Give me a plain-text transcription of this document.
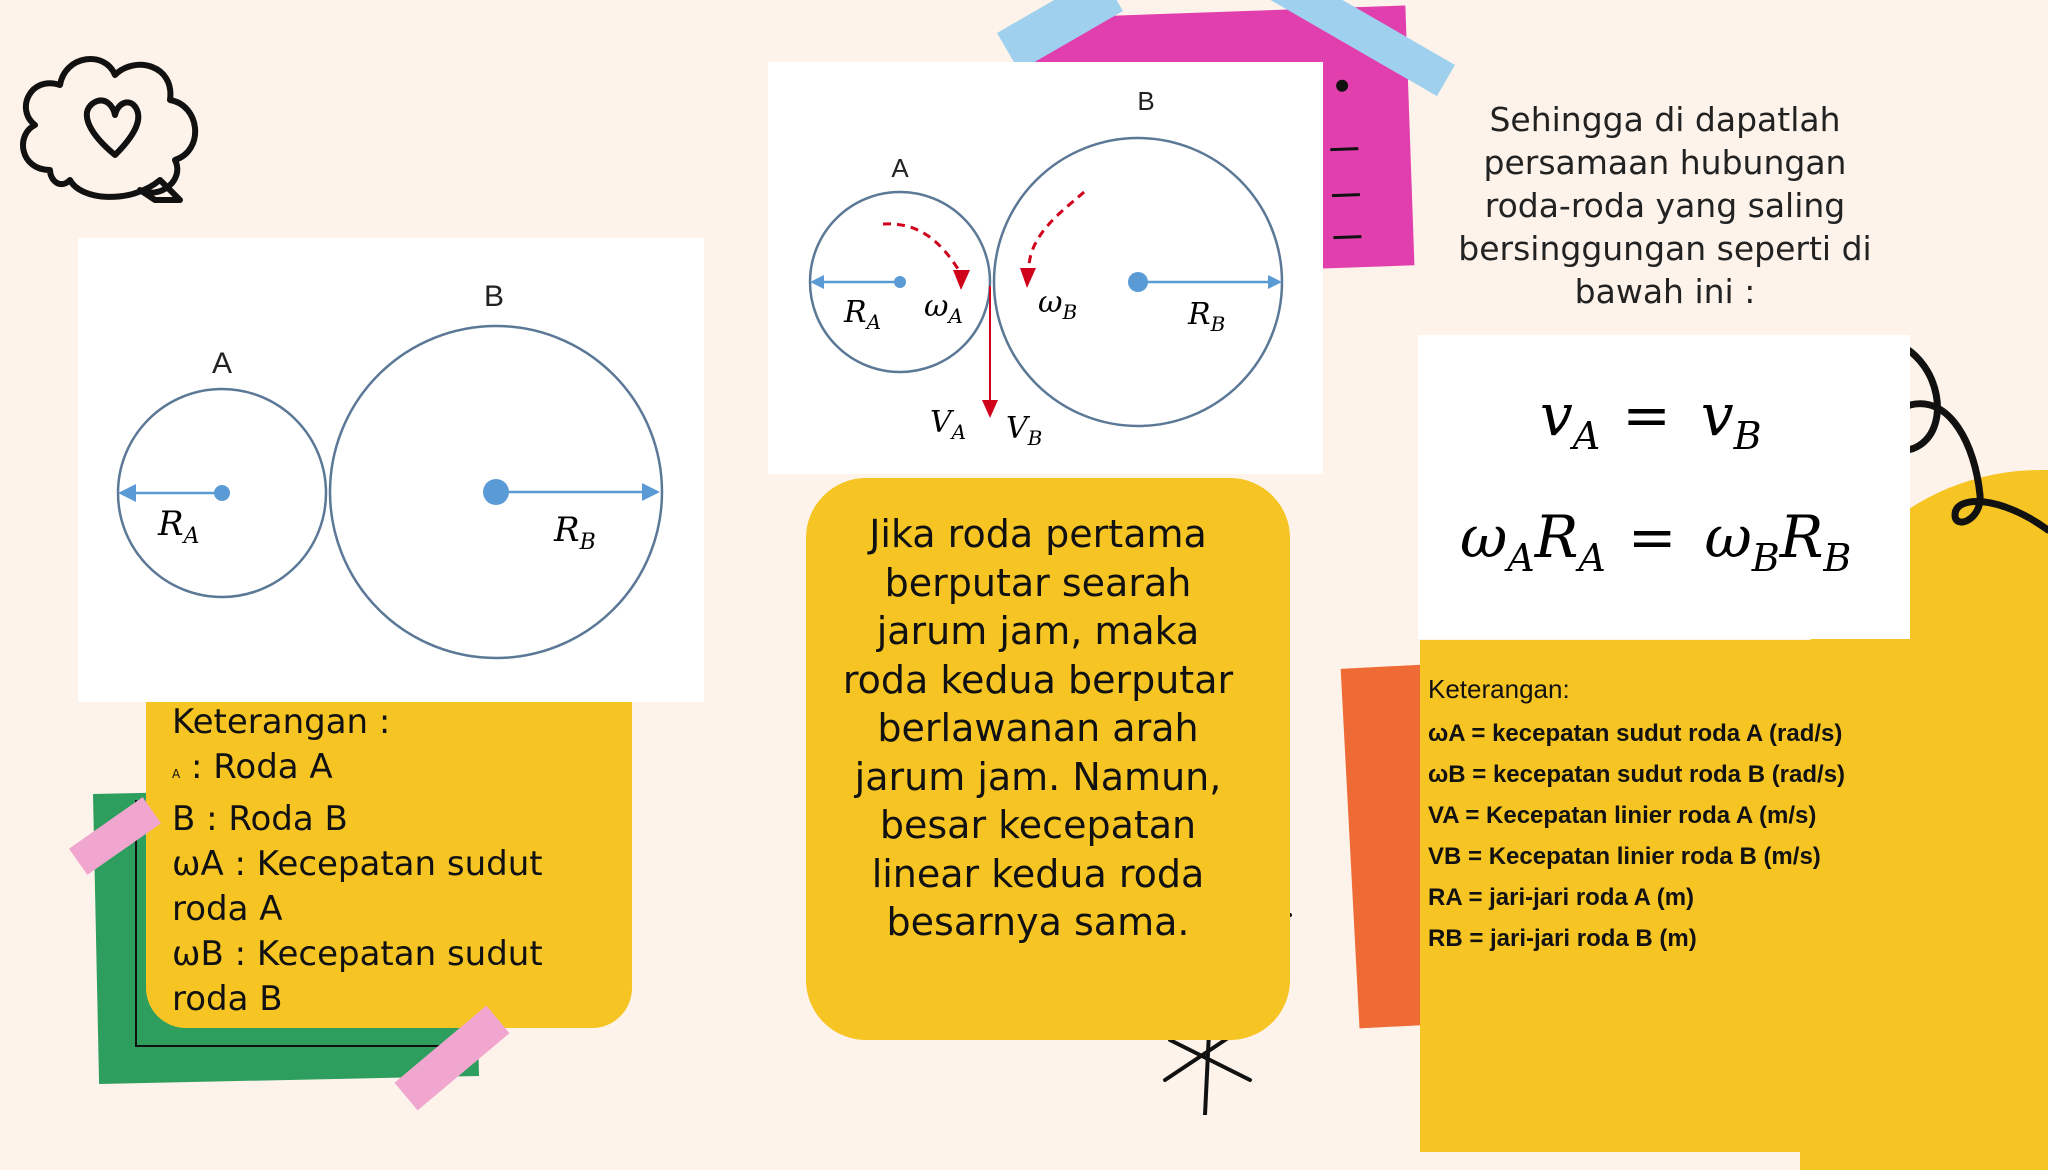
A
B
$R_A$	$R_B$
Keterangan :
A : Roda A
B : Roda B
ωA : Kecepatan sudut roda A
ωB : Kecepatan sudut roda B
A
B
$R_A$ $\omega_A$	$\omega_B$	$R_B$
$V_A$ $V_B$
Jika roda pertama berputar searah jarum jam, maka roda kedua berputar berlawanan arah jarum jam. Namun, besar kecepatan linear kedua roda besarnya sama.
Sehingga di dapatlah persamaan hubungan roda-roda yang saling bersinggungan seperti di bawah ini :
$v_A = v_B$
$\omega_AR_A = \omega_BR_B$
Keterangan:
ωA = kecepatan sudut roda A (rad/s)
ωB = kecepatan sudut roda B (rad/s)
VA = Kecepatan linier roda A (m/s)
VB = Kecepatan linier roda B (m/s)
RA = jari-jari roda A (m)
RB = jari-jari roda B (m)
